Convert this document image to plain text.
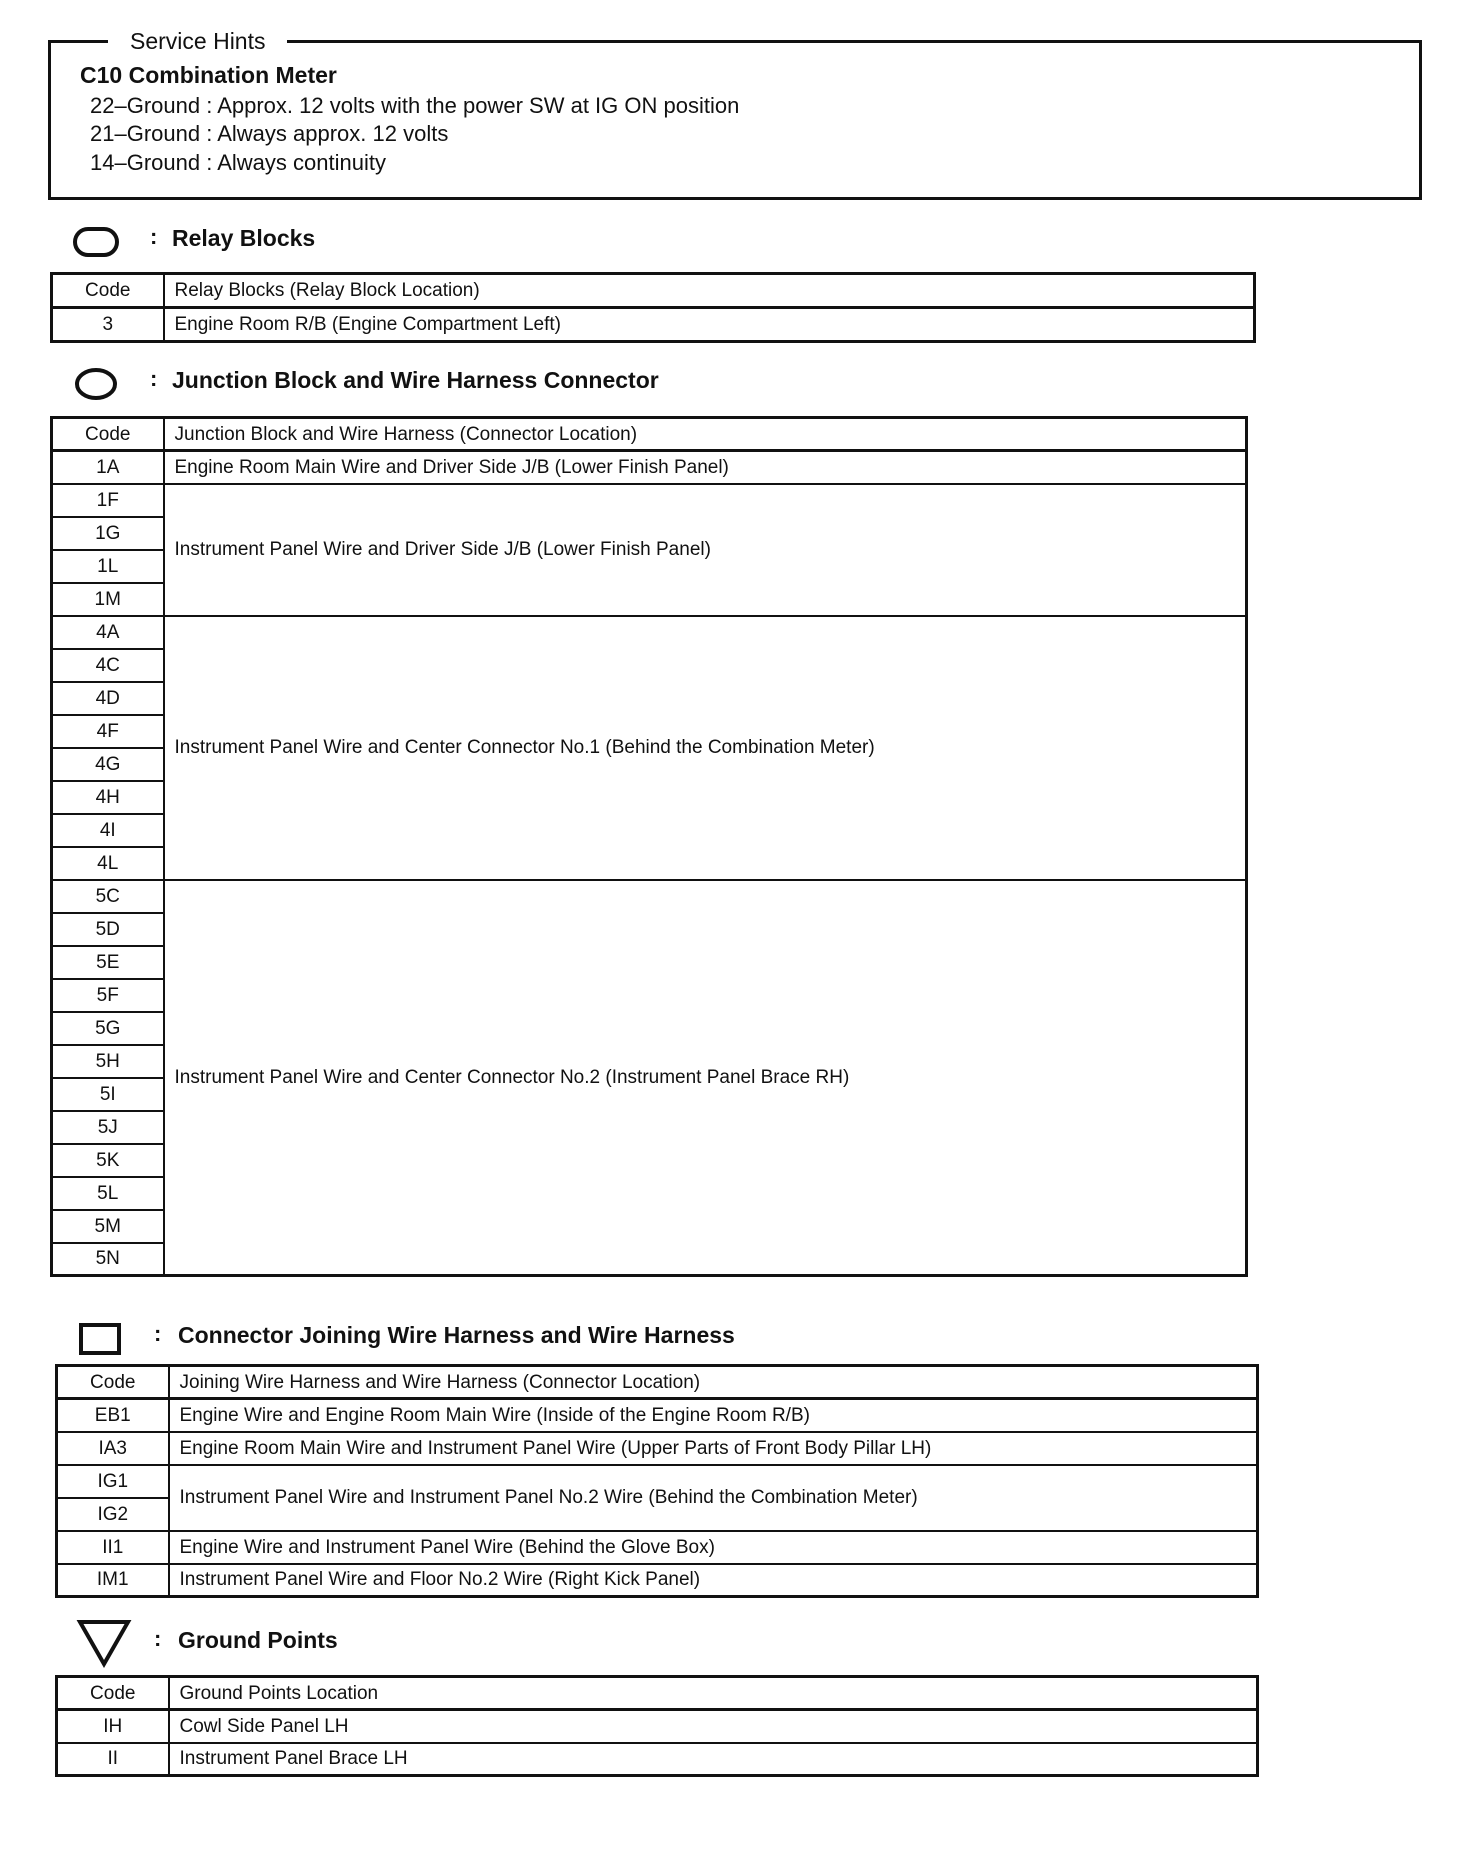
Service Hints
C10 Combination Meter
22–Ground : Approx. 12 volts with the power SW at IG ON position
21–Ground : Always approx. 12 volts
14–Ground : Always continuity
: Relay Blocks
Code	Relay Blocks (Relay Block Location)
3	Engine Room R/B (Engine Compartment Left)
: Junction Block and Wire Harness Connector
Code	Junction Block and Wire Harness (Connector Location)
1A	Engine Room Main Wire and Driver Side J/B (Lower Finish Panel)
1F	Instrument Panel Wire and Driver Side J/B (Lower Finish Panel)
1G	
1L	
1M	
4A	Instrument Panel Wire and Center Connector No.1 (Behind the Combination Meter)
4C	
4D	
4F	
4G	
4H	
4I	
4L	
5C	Instrument Panel Wire and Center Connector No.2 (Instrument Panel Brace RH)
5D	
5E	
5F	
5G	
5H	
5I	
5J	
5K	
5L	
5M	
5N	
: Connector Joining Wire Harness and Wire Harness
Code	Joining Wire Harness and Wire Harness (Connector Location)
EB1	Engine Wire and Engine Room Main Wire (Inside of the Engine Room R/B)
IA3	Engine Room Main Wire and Instrument Panel Wire (Upper Parts of Front Body Pillar LH)
IG1	Instrument Panel Wire and Instrument Panel No.2 Wire (Behind the Combination Meter)
IG2	
II1	Engine Wire and Instrument Panel Wire (Behind the Glove Box)
IM1	Instrument Panel Wire and Floor No.2 Wire (Right Kick Panel)
: Ground Points
Code	Ground Points Location
IH	Cowl Side Panel LH
II	Instrument Panel Brace LH
